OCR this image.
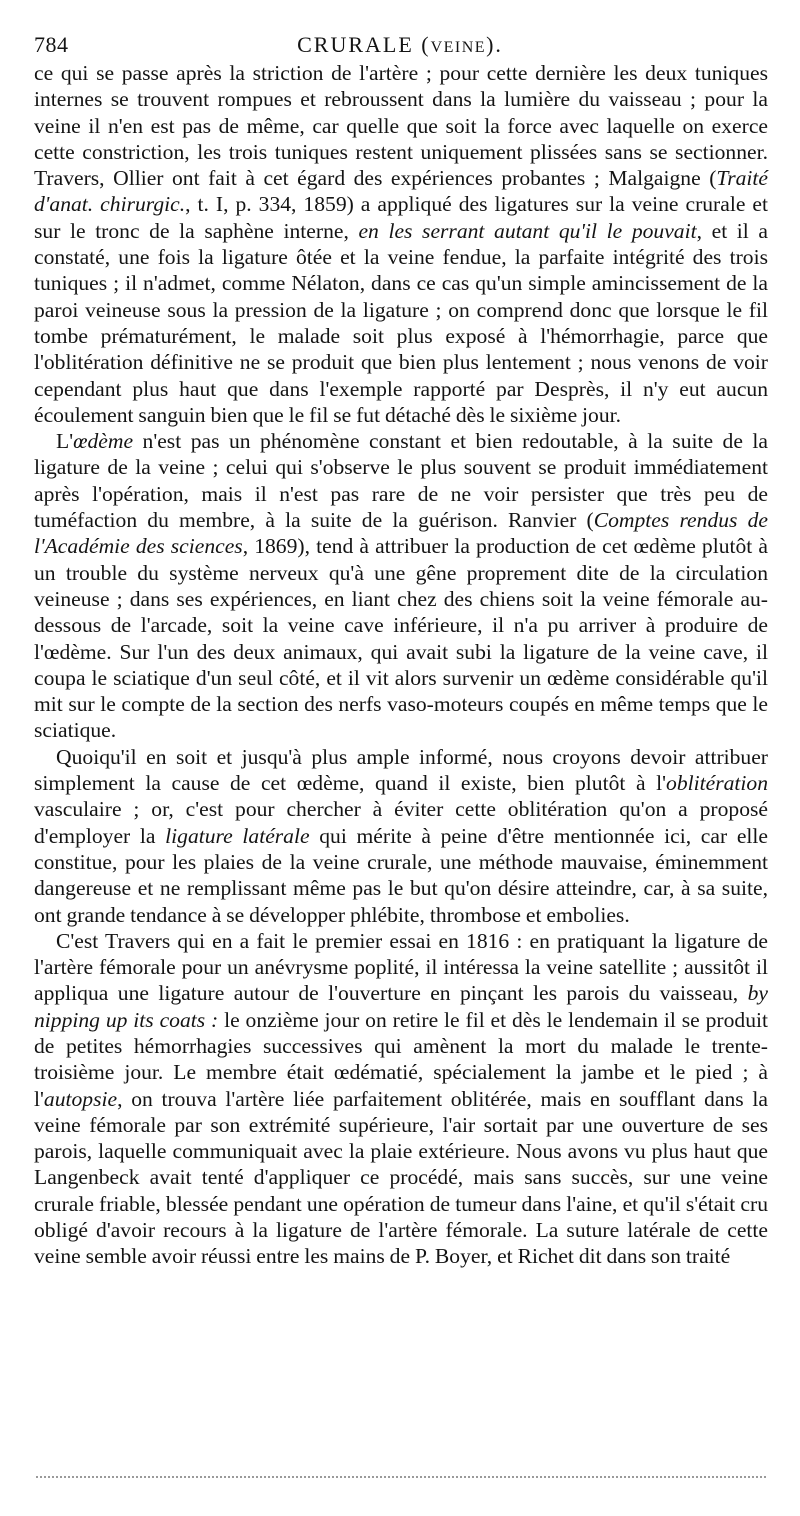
784	CRURALE (VEINE).

ce qui se passe après la striction de l'artère ; pour cette dernière les deux tuniques internes se trouvent rompues et rebroussent dans la lumière du vaisseau ; pour la veine il n'en est pas de même, car quelle que soit la force avec laquelle on exerce cette constriction, les trois tuniques restent uniquement plissées sans se sectionner. Travers, Ollier ont fait à cet égard des expériences probantes ; Malgaigne (Traité d'anat. chirurgic., t. I, p. 334, 1859) a appliqué des ligatures sur la veine crurale et sur le tronc de la saphène interne, en les serrant autant qu'il le pouvait, et il a constaté, une fois la ligature ôtée et la veine fendue, la parfaite intégrité des trois tuniques ; il n'admet, comme Nélaton, dans ce cas qu'un simple amincissement de la paroi veineuse sous la pression de la ligature ; on comprend donc que lorsque le fil tombe prématurément, le malade soit plus exposé à l'hémorrhagie, parce que l'oblitération définitive ne se produit que bien plus lentement ; nous venons de voir cependant plus haut que dans l'exemple rapporté par Desprès, il n'y eut aucun écoulement sanguin bien que le fil se fut détaché dès le sixième jour.

L'œdème n'est pas un phénomène constant et bien redoutable, à la suite de la ligature de la veine ; celui qui s'observe le plus souvent se produit immédiatement après l'opération, mais il n'est pas rare de ne voir persister que très peu de tuméfaction du membre, à la suite de la guérison. Ranvier (Comptes rendus de l'Académie des sciences, 1869), tend à attribuer la production de cet œdème plutôt à un trouble du système nerveux qu'à une gêne proprement dite de la circulation veineuse ; dans ses expériences, en liant chez des chiens soit la veine fémorale au-dessous de l'arcade, soit la veine cave inférieure, il n'a pu arriver à produire de l'œdème. Sur l'un des deux animaux, qui avait subi la ligature de la veine cave, il coupa le sciatique d'un seul côté, et il vit alors survenir un œdème considérable qu'il mit sur le compte de la section des nerfs vaso-moteurs coupés en même temps que le sciatique.

Quoiqu'il en soit et jusqu'à plus ample informé, nous croyons devoir attribuer simplement la cause de cet œdème, quand il existe, bien plutôt à l'oblitération vasculaire ; or, c'est pour chercher à éviter cette oblitération qu'on a proposé d'employer la ligature latérale qui mérite à peine d'être mentionnée ici, car elle constitue, pour les plaies de la veine crurale, une méthode mauvaise, éminemment dangereuse et ne remplissant même pas le but qu'on désire atteindre, car, à sa suite, ont grande tendance à se développer phlébite, thrombose et embolies.

C'est Travers qui en a fait le premier essai en 1816 : en pratiquant la ligature de l'artère fémorale pour un anévrysme poplité, il intéressa la veine satellite ; aussitôt il appliqua une ligature autour de l'ouverture en pinçant les parois du vaisseau, by nipping up its coats : le onzième jour on retire le fil et dès le lendemain il se produit de petites hémorrhagies successives qui amènent la mort du malade le trente-troisième jour. Le membre était œdématié, spécialement la jambe et le pied ; à l'autopsie, on trouva l'artère liée parfaitement oblitérée, mais en soufflant dans la veine fémorale par son extrémité supérieure, l'air sortait par une ouverture de ses parois, laquelle communiquait avec la plaie extérieure. Nous avons vu plus haut que Langenbeck avait tenté d'appliquer ce procédé, mais sans succès, sur une veine crurale friable, blessée pendant une opération de tumeur dans l'aine, et qu'il s'était cru obligé d'avoir recours à la ligature de l'artère fémorale. La suture latérale de cette veine semble avoir réussi entre les mains de P. Boyer, et Richet dit dans son traité
